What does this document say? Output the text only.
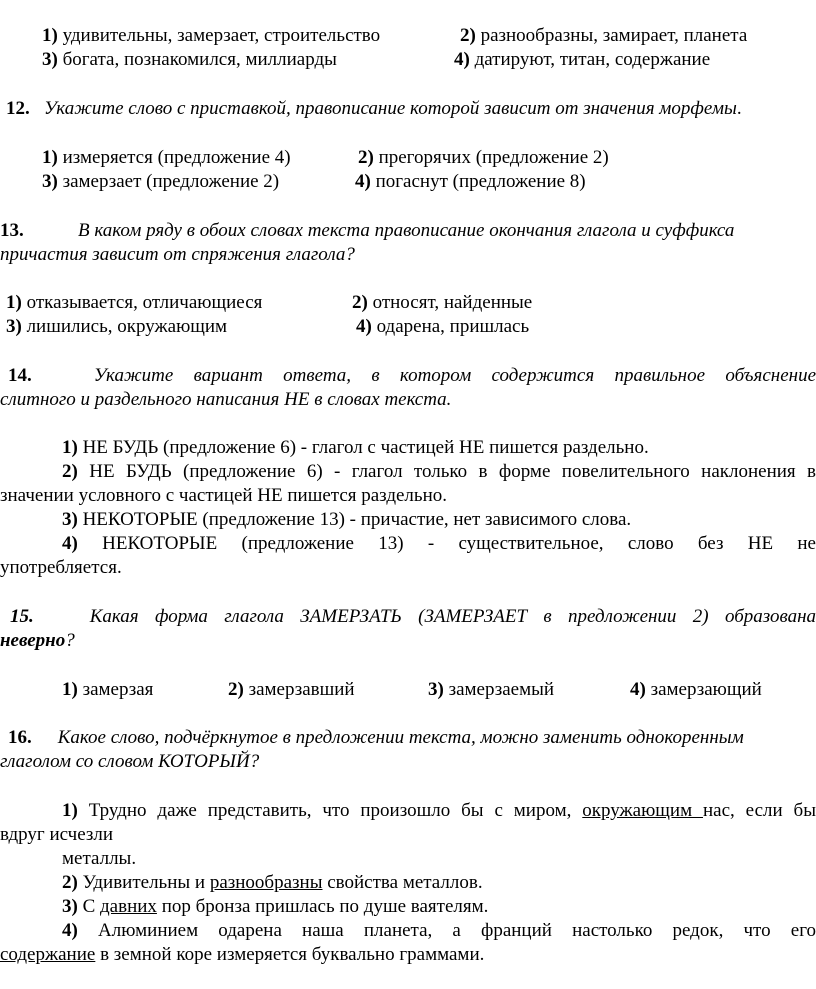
1) удивительны, замерзает, строительство	2) разнообразны, замирает, планета
3) богата, познакомился, миллиарды	4) датируют, титан, содержание
12. Укажите слово с приставкой, правописание которой зависит от значения морфемы.
1) измеряется (предложение 4)	2) прегорячих (предложение 2)
3) замерзает (предложение 2)	4) погаснут (предложение 8)
13.	В каком ряду в обоих словах текста правописание окончания глагола и суффикса
причастия зависит от спряжения глагола?
1) отказывается, отличающиеся	2) относят, найденные
3) лишились, окружающим	4) одарена, пришлась
14.	Укажите вариант ответа, в котором содержится правильное объяснение
слитного и раздельного написания НЕ в словах текста.
1) НЕ БУДЬ (предложение 6) - глагол с частицей НЕ пишется раздельно.
2) НЕ БУДЬ (предложение 6) - глагол только в форме повелительного наклонения в
значении условного с частицей НЕ пишется раздельно.
3) НЕКОТОРЫЕ (предложение 13) - причастие, нет зависимого слова.
4) НЕКОТОРЫЕ (предложение 13) - существительное, слово без НЕ не
употребляется.
15.	Какая форма глагола ЗАМЕРЗАТЬ (ЗАМЕРЗАЕТ в предложении 2) образована
неверно?
1) замерзая	2) замерзавший	3) замерзаемый	4) замерзающий
16. Какое слово, подчёркнутое в предложении текста, можно заменить однокоренным
глаголом со словом КОТОРЫЙ?
1) Трудно даже представить, что произошло бы с миром, окружающим нас, если бы
вдруг исчезли
металлы.
2) Удивительны и разнообразны свойства металлов.
3) С давних пор бронза пришлась по душе ваятелям.
4) Алюминием одарена наша планета, а франций настолько редок, что его
содержание в земной коре измеряется буквально граммами.
